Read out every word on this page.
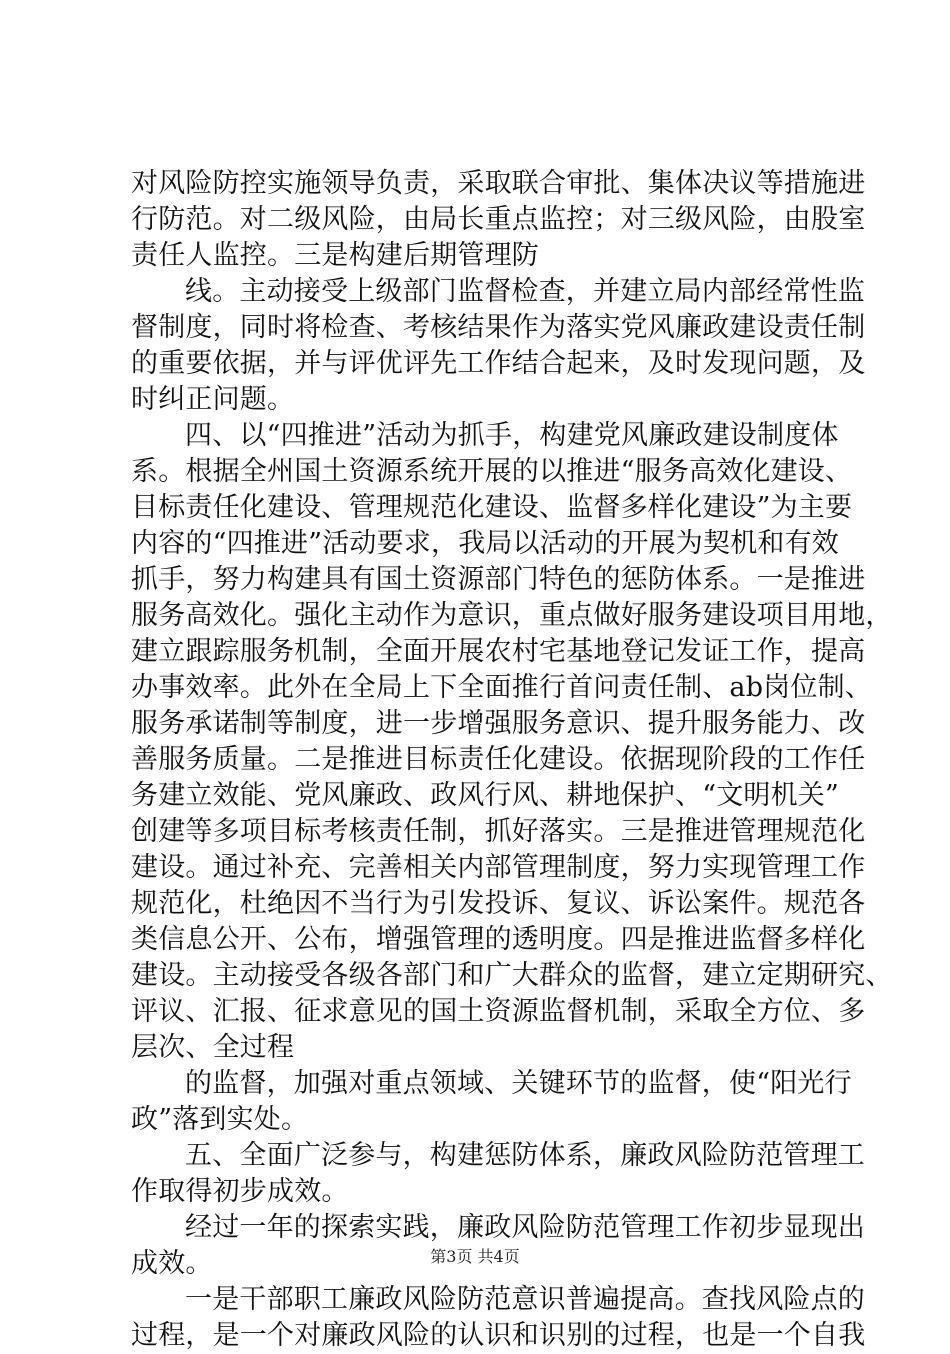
对风险防控实施领导负责，采取联合审批、集体决议等措施进
行防范。对二级风险，由局长重点监控；对三级风险，由股室
责任人监控。三是构建后期管理防
线。主动接受上级部门监督检查，并建立局内部经常性监
督制度，同时将检查、考核结果作为落实党风廉政建设责任制
的重要依据，并与评优评先工作结合起来，及时发现问题，及
时纠正问题。
四、以“四推进”活动为抓手，构建党风廉政建设制度体
系。根据全州国土资源系统开展的以推进“服务高效化建设、
目标责任化建设、管理规范化建设、监督多样化建设”为主要
内容的“四推进”活动要求，我局以活动的开展为契机和有效
抓手，努力构建具有国土资源部门特色的惩防体系。一是推进
服务高效化。强化主动作为意识，重点做好服务建设项目用地，
建立跟踪服务机制，全面开展农村宅基地登记发证工作，提高
办事效率。此外在全局上下全面推行首问责任制、ab岗位制、
服务承诺制等制度，进一步增强服务意识、提升服务能力、改
善服务质量。二是推进目标责任化建设。依据现阶段的工作任
务建立效能、党风廉政、政风行风、耕地保护、“文明机关”
创建等多项目标考核责任制，抓好落实。三是推进管理规范化
建设。通过补充、完善相关内部管理制度，努力实现管理工作
规范化，杜绝因不当行为引发投诉、复议、诉讼案件。规范各
类信息公开、公布，增强管理的透明度。四是推进监督多样化
建设。主动接受各级各部门和广大群众的监督，建立定期研究、
评议、汇报、征求意见的国土资源监督机制，采取全方位、多
层次、全过程
的监督，加强对重点领域、关键环节的监督，使“阳光行
政”落到实处。
五、全面广泛参与，构建惩防体系，廉政风险防范管理工
作取得初步成效。
经过一年的探索实践，廉政风险防范管理工作初步显现出
成效。
一是干部职工廉政风险防范意识普遍提高。查找风险点的
过程，是一个对廉政风险的认识和识别的过程，也是一个自我
第3页 共4页
